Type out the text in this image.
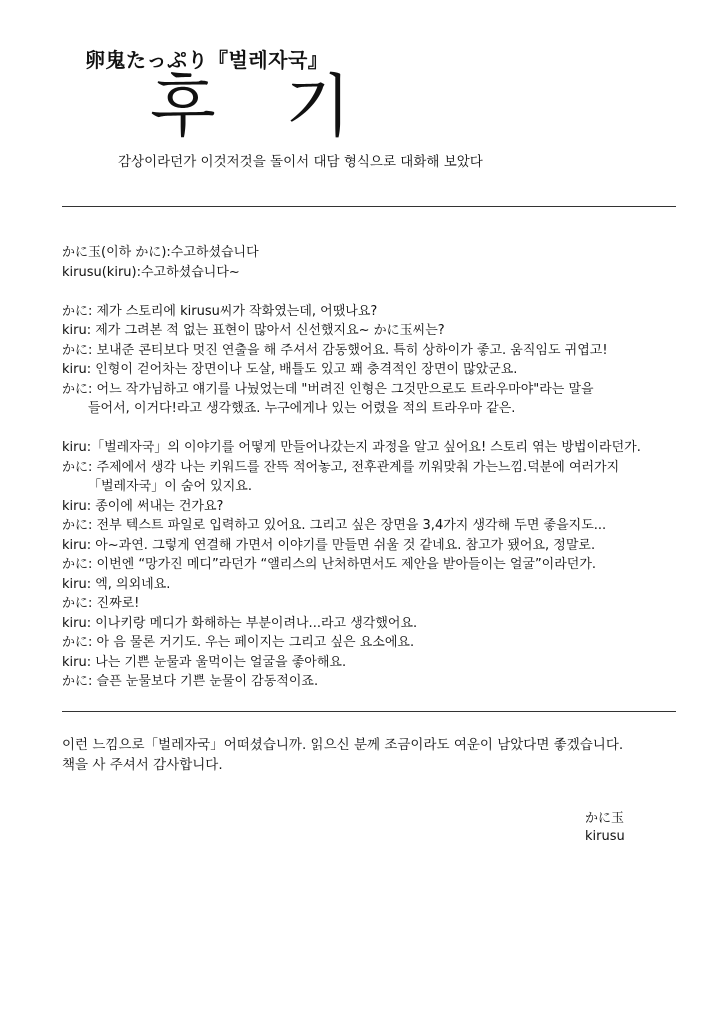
卵鬼たっぷり『벌레자국』
후 기
감상이라던가 이것저것을 돌이서 대담 형식으로 대화해 보았다
かに玉(이하 かに):수고하셨습니다
kirusu(kiru):수고하셨습니다~
かに: 제가 스토리에 kirusu씨가 작화였는데, 어땠나요?
kiru: 제가 그려본 적 없는 표현이 많아서 신선했지요~ かに玉씨는?
かに: 보내준 콘티보다 멋진 연출을 해 주셔서 감동했어요. 특히 상하이가 좋고. 움직임도 귀엽고!
kiru: 인형이 걷어차는 장면이나 도살, 배틀도 있고 꽤 충격적인 장면이 많았군요.
かに: 어느 작가님하고 얘기를 나눴었는데 "버려진 인형은 그것만으로도 트라우마야"라는 말을
들어서, 이거다!라고 생각했죠. 누구에게나 있는 어렸을 적의 트라우마 같은.
kiru:「벌레자국」의 이야기를 어떻게 만들어나갔는지 과정을 알고 싶어요! 스토리 엮는 방법이라던가.
かに: 주제에서 생각 나는 키워드를 잔뜩 적어놓고, 전후관계를 끼워맞춰 가는느낌.덕분에 여러가지
「벌레자국」이 숨어 있지요.
kiru: 종이에 써내는 건가요?
かに: 전부 텍스트 파일로 입력하고 있어요. 그리고 싶은 장면을 3,4가지 생각해 두면 좋을지도...
kiru: 아~과연. 그렇게 연결해 가면서 이야기를 만들면 쉬울 것 같네요. 참고가 됐어요, 정말로.
かに: 이번엔 “망가진 메디”라던가 “앨리스의 난처하면서도 제안을 받아들이는 얼굴”이라던가.
kiru: 엑, 의외네요.
かに: 진짜로!
kiru: 이나키랑 메디가 화해하는 부분이려나...라고 생각했어요.
かに: 아 음 물론 거기도. 우는 페이지는 그리고 싶은 요소에요.
kiru: 나는 기쁜 눈물과 울먹이는 얼굴을 좋아해요.
かに: 슬픈 눈물보다 기쁜 눈물이 감동적이죠.
이런 느낌으로「벌레자국」어떠셨습니까. 읽으신 분께 조금이라도 여운이 남았다면 좋겠습니다.
책을 사 주셔서 감사합니다.
かに玉
kirusu
